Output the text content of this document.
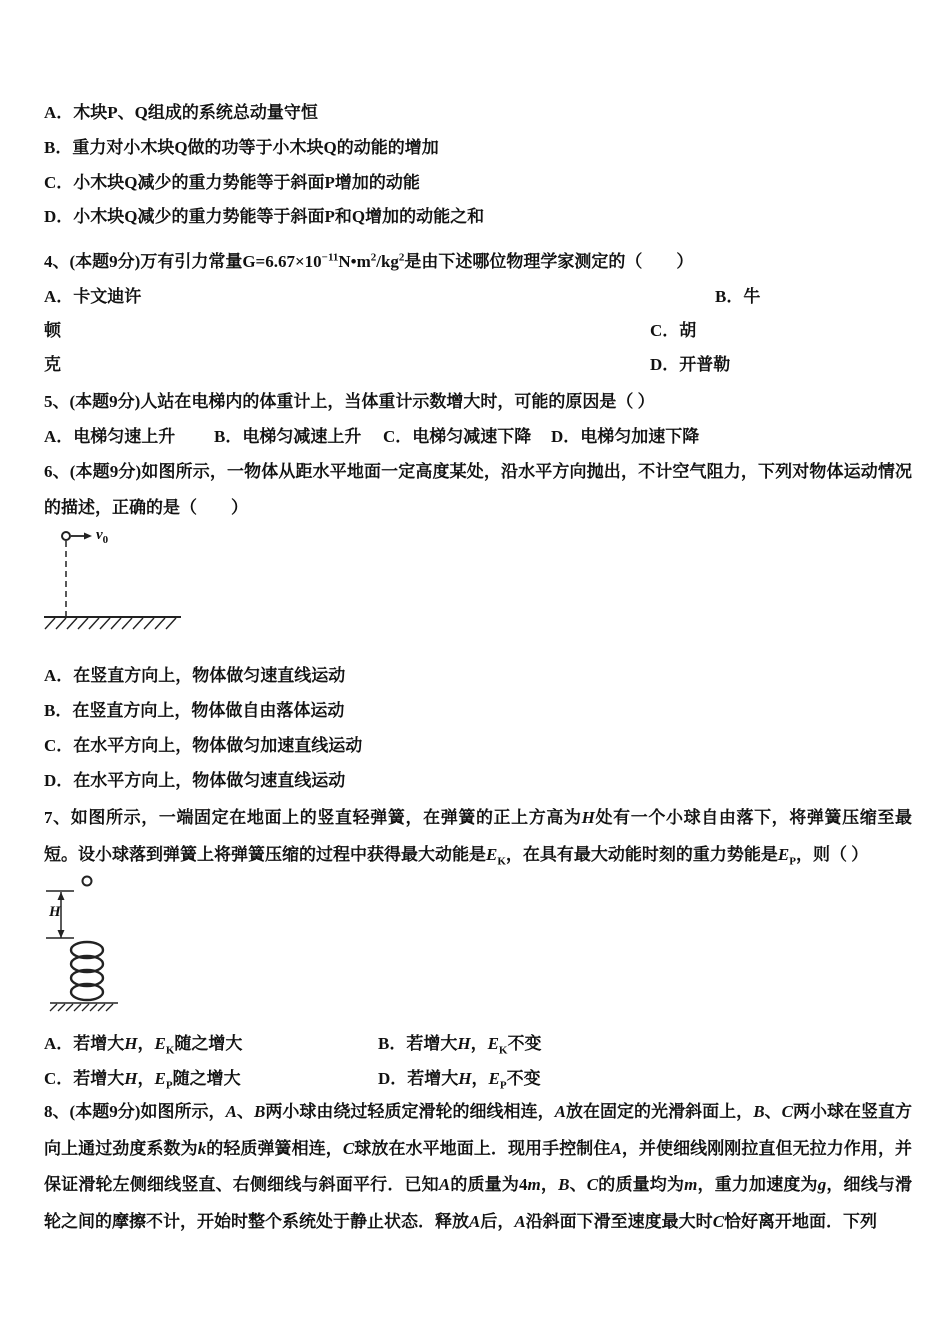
A．木块P、Q组成的系统总动量守恒
B．重力对小木块Q做的功等于小木块Q的动能的增加
C．小木块Q减少的重力势能等于斜面P增加的动能
D．小木块Q减少的重力势能等于斜面P和Q增加的动能之和
4、(本题9分)万有引力常量$G=6.67\times 10^{-11}N•m^2/kg^2$是由下述哪位物理学家测定的（　　）
A．卡文迪许	B．牛
顿	C．胡
克	D．开普勒
5、(本题9分)人站在电梯内的体重计上，当体重计示数增大时，可能的原因是（ ）
A．电梯匀速上升 B．电梯匀减速上升 C．电梯匀减速下降 D．电梯匀加速下降
6、(本题9分)如图所示，一物体从距水平地面一定高度某处，沿水平方向抛出，不计空气阻力，下列对物体运动情况的描述，正确的是（　　）
$v_0$
A．在竖直方向上，物体做匀速直线运动
B．在竖直方向上，物体做自由落体运动
C．在水平方向上，物体做匀加速直线运动
D．在水平方向上，物体做匀速直线运动
7、如图所示，一端固定在地面上的竖直轻弹簧，在弹簧的正上方高为H处有一个小球自由落下，将弹簧压缩至最短。设小球落到弹簧上将弹簧压缩的过程中获得最大动能是$E_K$，在具有最大动能时刻的重力势能是$E_P$，则（ ）
H
A．若增大H，$E_K$随之增大	B．若增大H，$E_K$不变
C．若增大H，$E_P$随之增大	D．若增大H，$E_P$不变
8、(本题9分)如图所示，A、B两小球由绕过轻质定滑轮的细线相连，A放在固定的光滑斜面上，B、C两小球在竖直方向上通过劲度系数为k的轻质弹簧相连，C球放在水平地面上．现用手控制住A，并使细线刚刚拉直但无拉力作用，并保证滑轮左侧细线竖直、右侧细线与斜面平行．已知A的质量为4m，B、C的质量均为m，重力加速度为g，细线与滑轮之间的摩擦不计，开始时整个系统处于静止状态．释放A后，A沿斜面下滑至速度最大时C恰好离开地面．下列
